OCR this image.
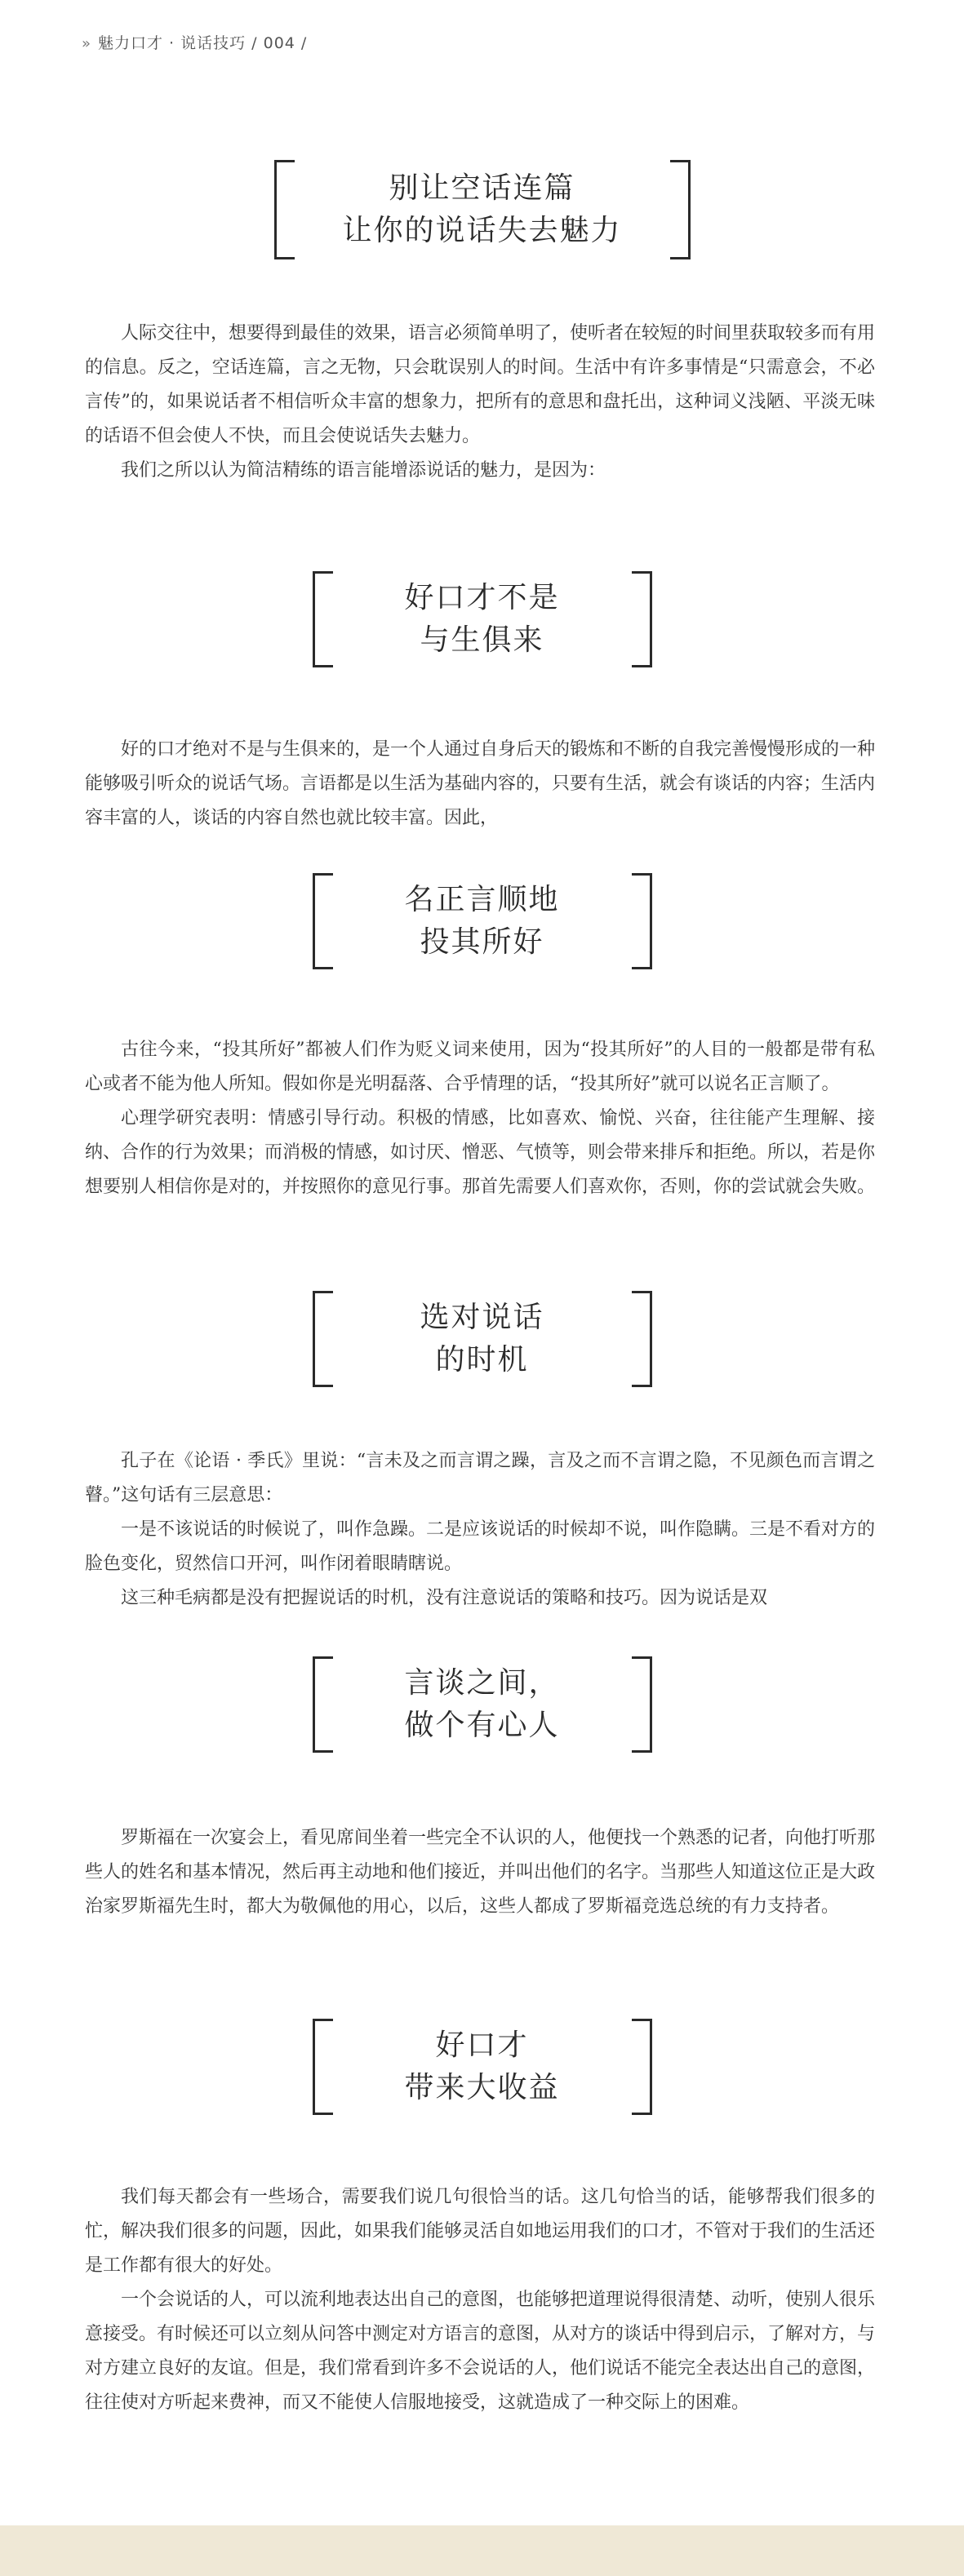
» 魅力口才 · 说话技巧 / 004 /
别让空话连篇
让你的说话失去魅力

人际交往中，想要得到最佳的效果，语言必须简单明了，使听者在较短的时间里获取较多而有用的信息。反之，空话连篇，言之无物，只会耽误别人的时间。生活中有许多事情是“只需意会，不必言传”的，如果说话者不相信听众丰富的想象力，把所有的意思和盘托出，这种词义浅陋、平淡无味的话语不但会使人不快，而且会使说话失去魅力。

我们之所以认为简洁精练的语言能增添说话的魅力，是因为：

好口才不是
与生俱来

好的口才绝对不是与生俱来的，是一个人通过自身后天的锻炼和不断的自我完善慢慢形成的一种能够吸引听众的说话气场。言语都是以生活为基础内容的，只要有生活，就会有谈话的内容；生活内容丰富的人，谈话的内容自然也就比较丰富。因此，

名正言顺地
投其所好

古往今来，“投其所好”都被人们作为贬义词来使用，因为“投其所好”的人目的一般都是带有私心或者不能为他人所知。假如你是光明磊落、合乎情理的话，“投其所好”就可以说名正言顺了。

心理学研究表明：情感引导行动。积极的情感，比如喜欢、愉悦、兴奋，往往能产生理解、接纳、合作的行为效果；而消极的情感，如讨厌、憎恶、气愤等，则会带来排斥和拒绝。所以，若是你想要别人相信你是对的，并按照你的意见行事。那首先需要人们喜欢你，否则，你的尝试就会失败。

选对说话
的时机

孔子在《论语 · 季氏》里说：“言未及之而言谓之躁，言及之而不言谓之隐，不见颜色而言谓之瞽。”这句话有三层意思：

一是不该说话的时候说了，叫作急躁。二是应该说话的时候却不说，叫作隐瞒。三是不看对方的脸色变化，贸然信口开河，叫作闭着眼睛瞎说。

这三种毛病都是没有把握说话的时机，没有注意说话的策略和技巧。因为说话是双

言谈之间，
做个有心人

罗斯福在一次宴会上，看见席间坐着一些完全不认识的人，他便找一个熟悉的记者，向他打听那些人的姓名和基本情况，然后再主动地和他们接近，并叫出他们的名字。当那些人知道这位正是大政治家罗斯福先生时，都大为敬佩他的用心，以后，这些人都成了罗斯福竞选总统的有力支持者。

好口才
带来大收益

我们每天都会有一些场合，需要我们说几句很恰当的话。这几句恰当的话，能够帮我们很多的忙，解决我们很多的问题，因此，如果我们能够灵活自如地运用我们的口才，不管对于我们的生活还是工作都有很大的好处。

一个会说话的人，可以流利地表达出自己的意图，也能够把道理说得很清楚、动听，使别人很乐意接受。有时候还可以立刻从问答中测定对方语言的意图，从对方的谈话中得到启示，了解对方，与对方建立良好的友谊。但是，我们常看到许多不会说话的人，他们说话不能完全表达出自己的意图，往往使对方听起来费神，而又不能使人信服地接受，这就造成了一种交际上的困难。
